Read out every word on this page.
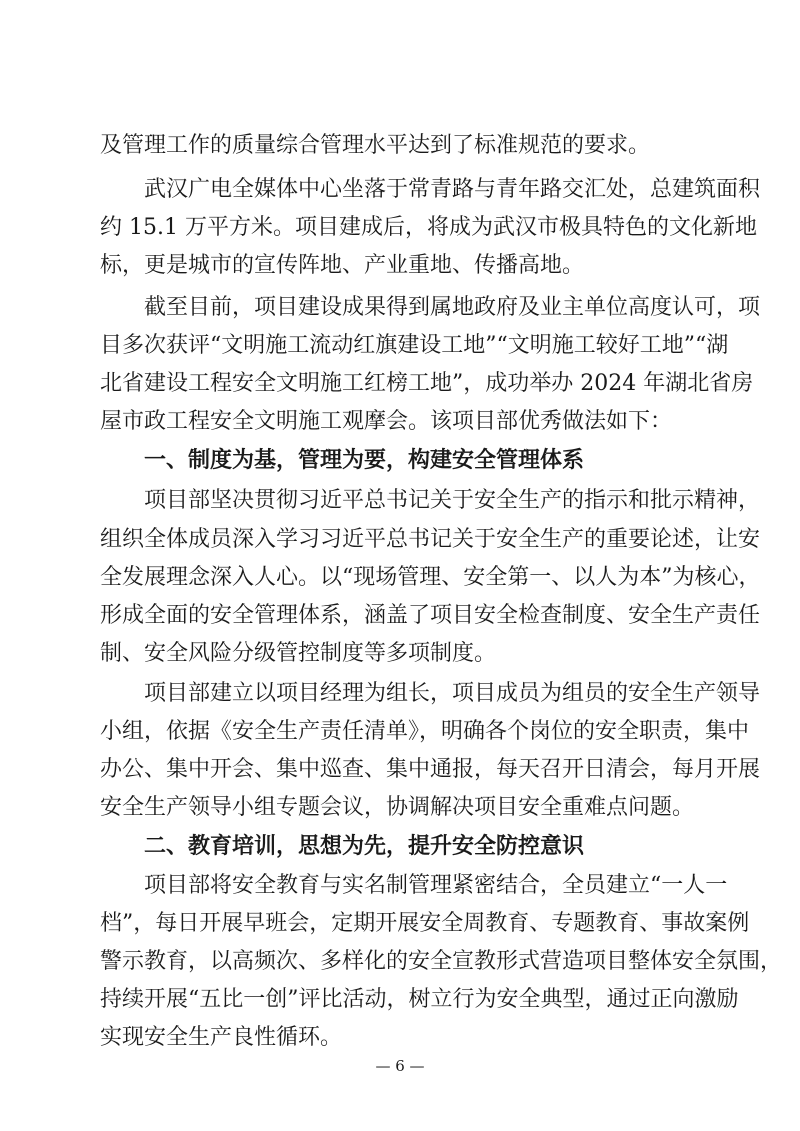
及管理工作的质量综合管理水平达到了标准规范的要求。
武汉广电全媒体中心坐落于常青路与青年路交汇处，总建筑面积
约 15.1 万平方米。项目建成后，将成为武汉市极具特色的文化新地
标，更是城市的宣传阵地、产业重地、传播高地。
截至目前，项目建设成果得到属地政府及业主单位高度认可，项
目多次获评“文明施工流动红旗建设工地”“文明施工较好工地”“湖
北省建设工程安全文明施工红榜工地”，成功举办 2024 年湖北省房
屋市政工程安全文明施工观摩会。该项目部优秀做法如下：
一、制度为基，管理为要，构建安全管理体系
项目部坚决贯彻习近平总书记关于安全生产的指示和批示精神，
组织全体成员深入学习习近平总书记关于安全生产的重要论述，让安
全发展理念深入人心。以“现场管理、安全第一、以人为本”为核心，
形成全面的安全管理体系，涵盖了项目安全检查制度、安全生产责任
制、安全风险分级管控制度等多项制度。
项目部建立以项目经理为组长，项目成员为组员的安全生产领导
小组，依据《安全生产责任清单》，明确各个岗位的安全职责，集中
办公、集中开会、集中巡查、集中通报，每天召开日清会，每月开展
安全生产领导小组专题会议，协调解决项目安全重难点问题。
二、教育培训，思想为先，提升安全防控意识
项目部将安全教育与实名制管理紧密结合，全员建立“一人一
档”，每日开展早班会，定期开展安全周教育、专题教育、事故案例
警示教育，以高频次、多样化的安全宣教形式营造项目整体安全氛围，
持续开展“五比一创”评比活动，树立行为安全典型，通过正向激励
实现安全生产良性循环。
— 6 —
